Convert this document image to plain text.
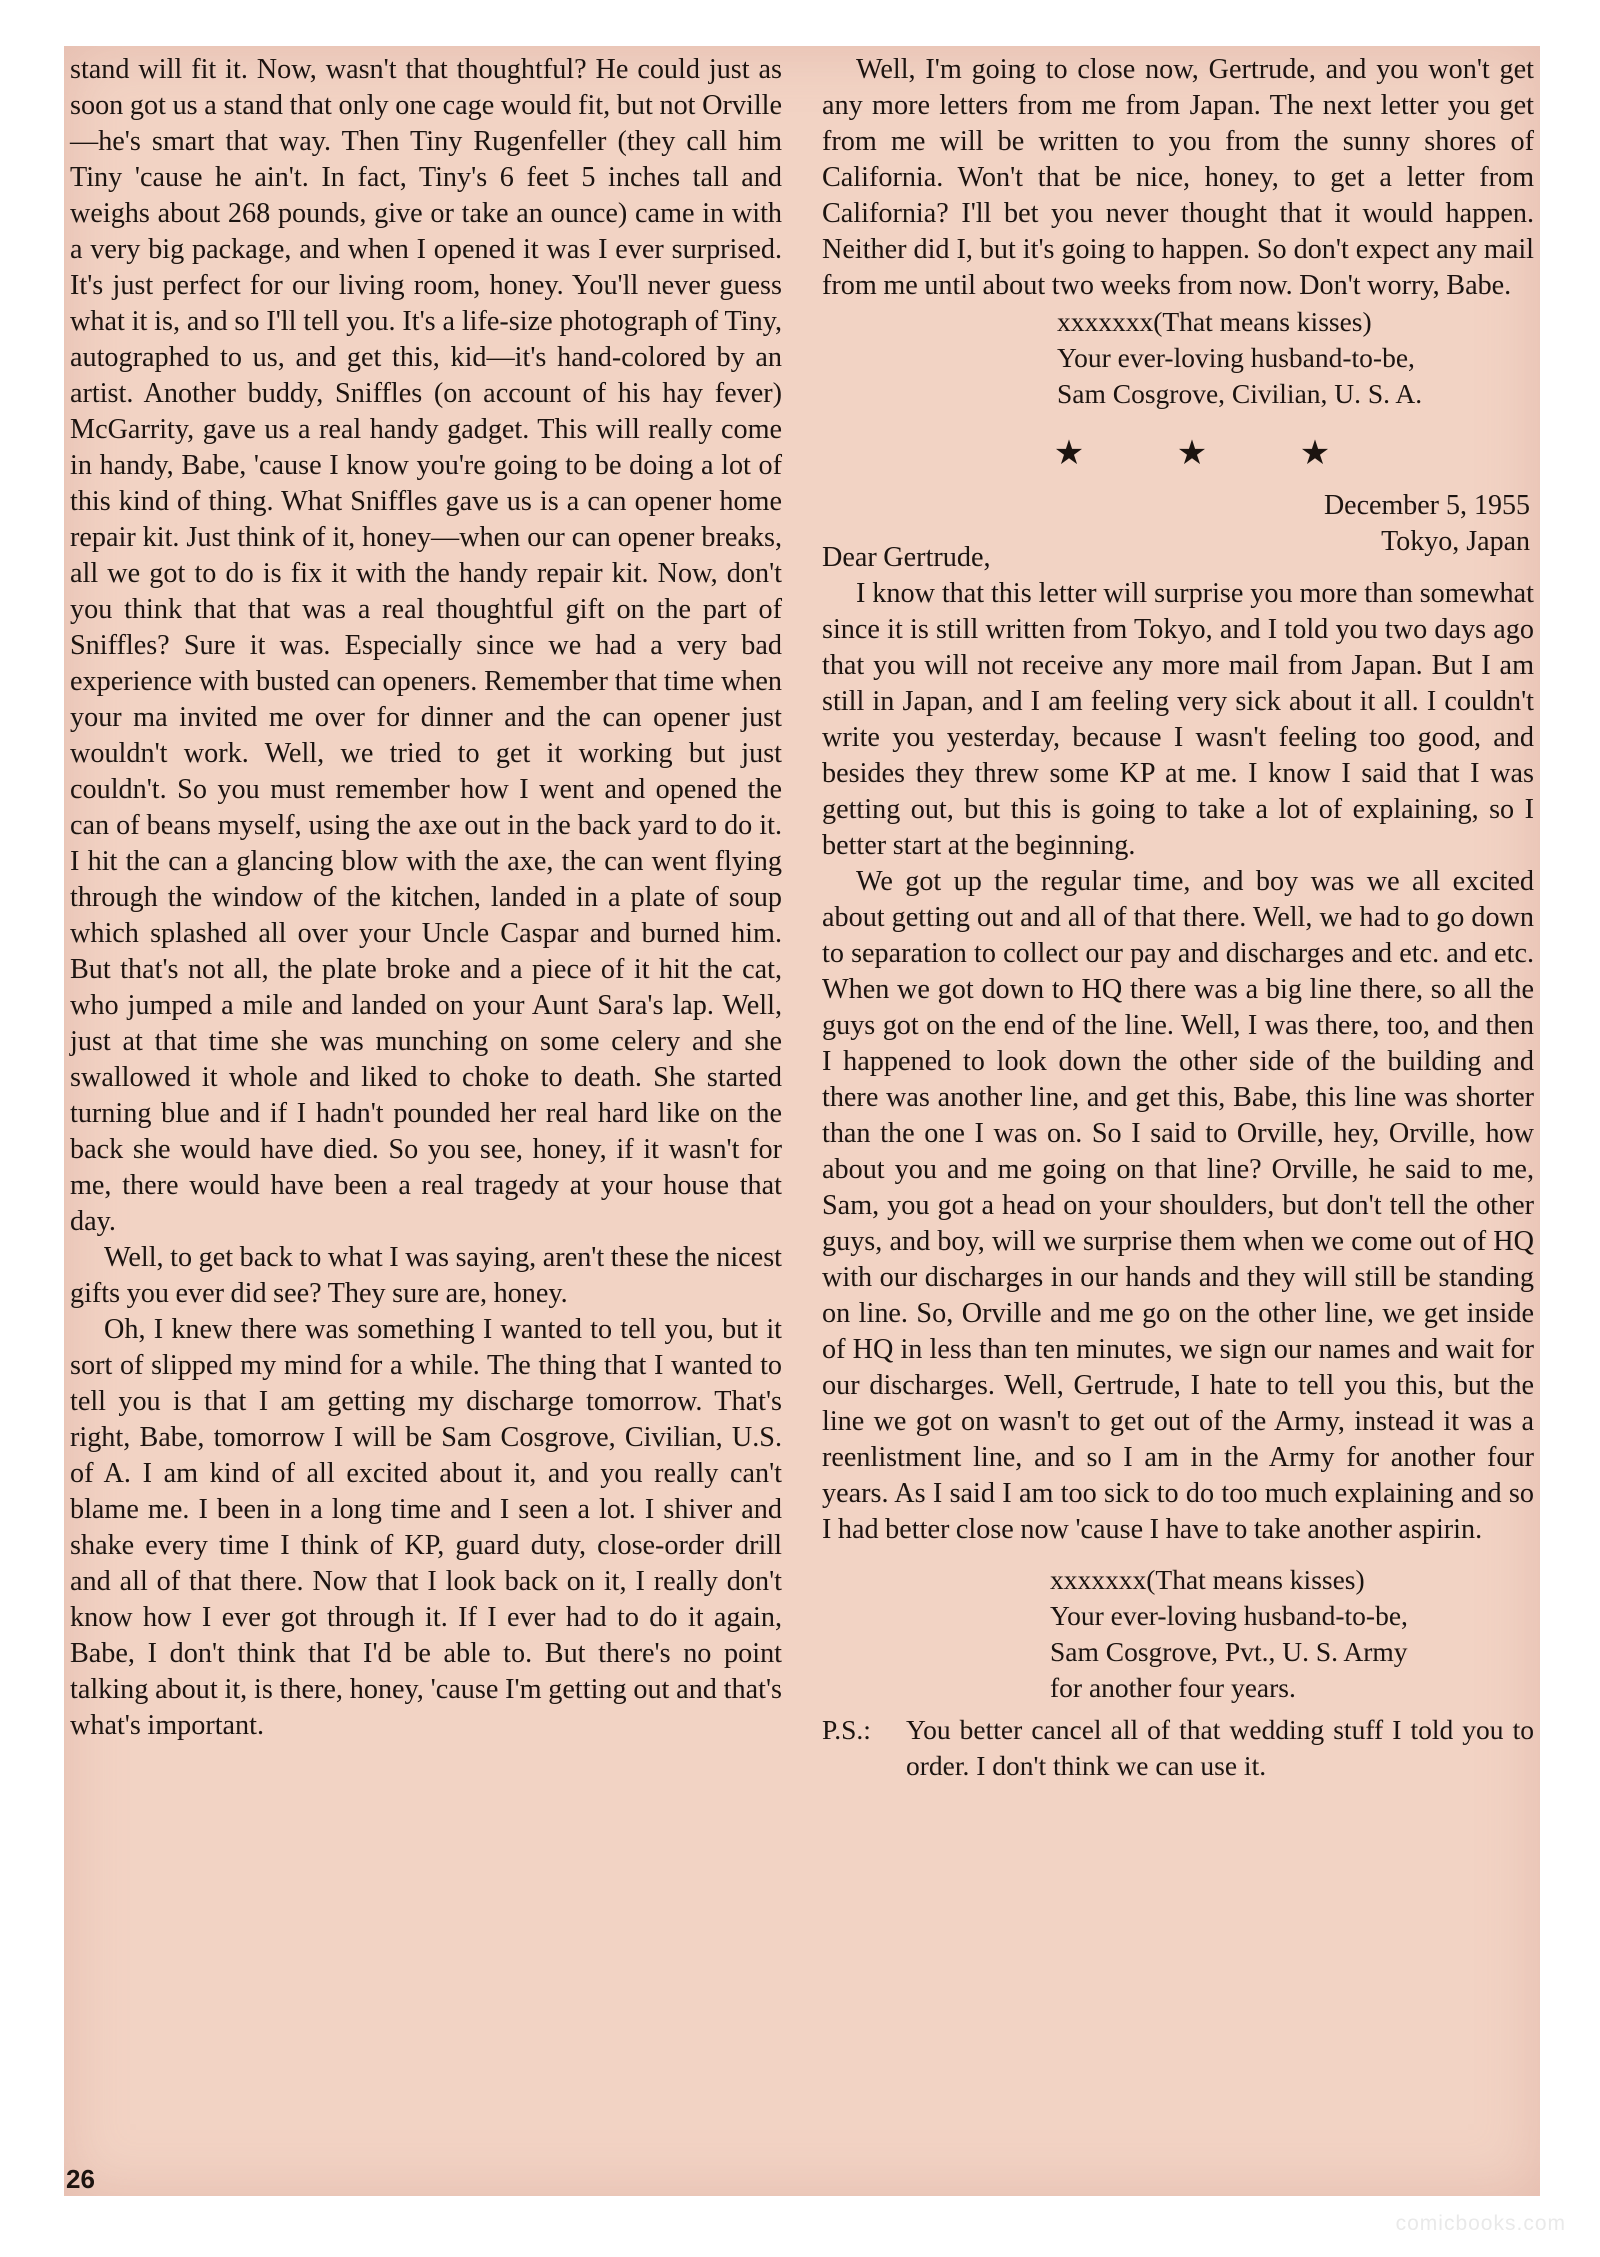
stand will fit it. Now, wasn't that thoughtful? He could just as soon got us a stand that only one cage would fit, but not Orville—he's smart that way. Then Tiny Rugenfeller (they call him Tiny 'cause he ain't. In fact, Tiny's 6 feet 5 inches tall and weighs about 268 pounds, give or take an ounce) came in with a very big package, and when I opened it was I ever surprised. It's just perfect for our living room, honey. You'll never guess what it is, and so I'll tell you. It's a life-size photograph of Tiny, autographed to us, and get this, kid—it's hand-colored by an artist. Another buddy, Sniffles (on account of his hay fever) McGarrity, gave us a real handy gadget. This will really come in handy, Babe, 'cause I know you're going to be doing a lot of this kind of thing. What Sniffles gave us is a can opener home repair kit. Just think of it, honey—when our can opener breaks, all we got to do is fix it with the handy repair kit. Now, don't you think that that was a real thoughtful gift on the part of Sniffles? Sure it was. Especially since we had a very bad experience with busted can openers. Remember that time when your ma invited me over for dinner and the can opener just wouldn't work. Well, we tried to get it working but just couldn't. So you must remember how I went and opened the can of beans myself, using the axe out in the back yard to do it. I hit the can a glancing blow with the axe, the can went flying through the window of the kitchen, landed in a plate of soup which splashed all over your Uncle Caspar and burned him. But that's not all, the plate broke and a piece of it hit the cat, who jumped a mile and landed on your Aunt Sara's lap. Well, just at that time she was munching on some celery and she swallowed it whole and liked to choke to death. She started turning blue and if I hadn't pounded her real hard like on the back she would have died. So you see, honey, if it wasn't for me, there would have been a real tragedy at your house that day.

Well, to get back to what I was saying, aren't these the nicest gifts you ever did see? They sure are, honey.

Oh, I knew there was something I wanted to tell you, but it sort of slipped my mind for a while. The thing that I wanted to tell you is that I am getting my discharge tomorrow. That's right, Babe, tomorrow I will be Sam Cosgrove, Civilian, U.S. of A. I am kind of all excited about it, and you really can't blame me. I been in a long time and I seen a lot. I shiver and shake every time I think of KP, guard duty, close-order drill and all of that there. Now that I look back on it, I really don't know how I ever got through it. If I ever had to do it again, Babe, I don't think that I'd be able to. But there's no point talking about it, is there, honey, 'cause I'm getting out and that's what's important.

Well, I'm going to close now, Gertrude, and you won't get any more letters from me from Japan. The next letter you get from me will be written to you from the sunny shores of California. Won't that be nice, honey, to get a letter from California? I'll bet you never thought that it would happen. Neither did I, but it's going to happen. So don't expect any mail from me until about two weeks from now. Don't worry, Babe.

xxxxxxx(That means kisses)
Your ever-loving husband-to-be,
Sam Cosgrove, Civilian, U. S. A.

★ ★ ★
December 5, 1955
Tokyo, Japan

Dear Gertrude,

I know that this letter will surprise you more than somewhat since it is still written from Tokyo, and I told you two days ago that you will not receive any more mail from Japan. But I am still in Japan, and I am feeling very sick about it all. I couldn't write you yesterday, because I wasn't feeling too good, and besides they threw some KP at me. I know I said that I was getting out, but this is going to take a lot of explaining, so I better start at the beginning.

We got up the regular time, and boy was we all excited about getting out and all of that there. Well, we had to go down to separation to collect our pay and discharges and etc. and etc. When we got down to HQ there was a big line there, so all the guys got on the end of the line. Well, I was there, too, and then I happened to look down the other side of the building and there was another line, and get this, Babe, this line was shorter than the one I was on. So I said to Orville, hey, Orville, how about you and me going on that line? Orville, he said to me, Sam, you got a head on your shoulders, but don't tell the other guys, and boy, will we surprise them when we come out of HQ with our discharges in our hands and they will still be standing on line. So, Orville and me go on the other line, we get inside of HQ in less than ten minutes, we sign our names and wait for our discharges. Well, Gertrude, I hate to tell you this, but the line we got on wasn't to get out of the Army, instead it was a reenlistment line, and so I am in the Army for another four years. As I said I am too sick to do too much explaining and so I had better close now 'cause I have to take another aspirin.

xxxxxxx(That means kisses)
Your ever-loving husband-to-be,
Sam Cosgrove, Pvt., U. S. Army
for another four years.
P.S.:	You better cancel all of that wedding stuff I told you to order. I don't think we can use it.
26
comicbooks.com
